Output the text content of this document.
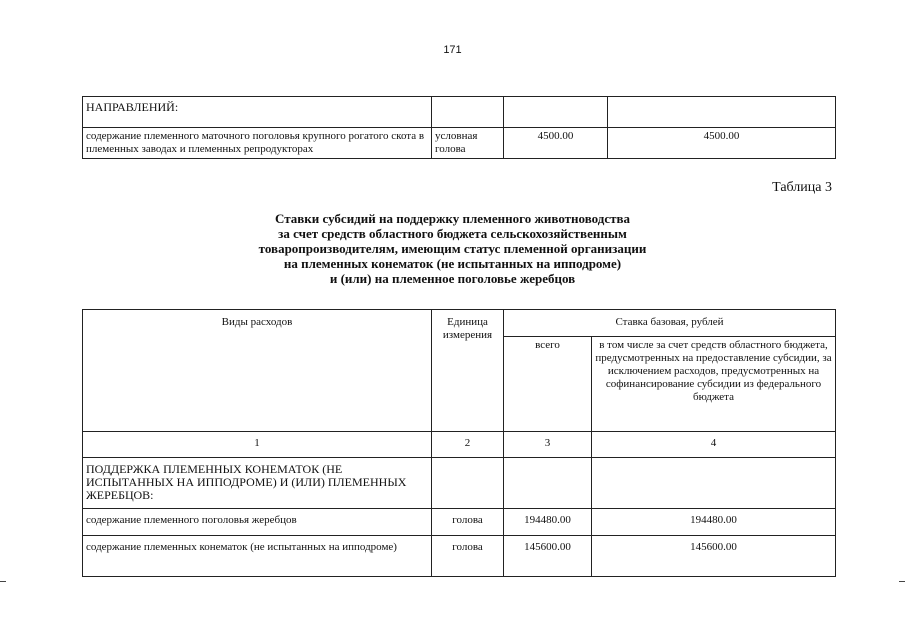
171
НАПРАВЛЕНИЙ:			
содержание племенного маточного поголовья крупного рогатого скота в племенных заводах и племенных репродукторах	условная голова	4500.00	4500.00
Таблица 3
Ставки субсидий на поддержку племенного животноводства
за счет средств областного бюджета сельскохозяйственным
товаропроизводителям, имеющим статус племенной организации
на племенных конематок (не испытанных на ипподроме)
и (или) на племенное поголовье жеребцов
Виды расходов	Единица измерения	Ставка базовая, рублей	
		всего	в том числе за счет средств областного бюджета, предусмотренных на предоставление субсидии, за исключением расходов, предусмотренных на софинансирование субсидии из федерального бюджета
1	2	3	4
ПОДДЕРЖКА ПЛЕМЕННЫХ КОНЕМАТОК (НЕ ИСПЫТАННЫХ НА ИППОДРОМЕ) И (ИЛИ) ПЛЕМЕННЫХ ЖЕРЕБЦОВ:			
содержание племенного поголовья жеребцов	голова	194480.00	194480.00
содержание племенных конематок (не испытанных на ипподроме)	голова	145600.00	145600.00
